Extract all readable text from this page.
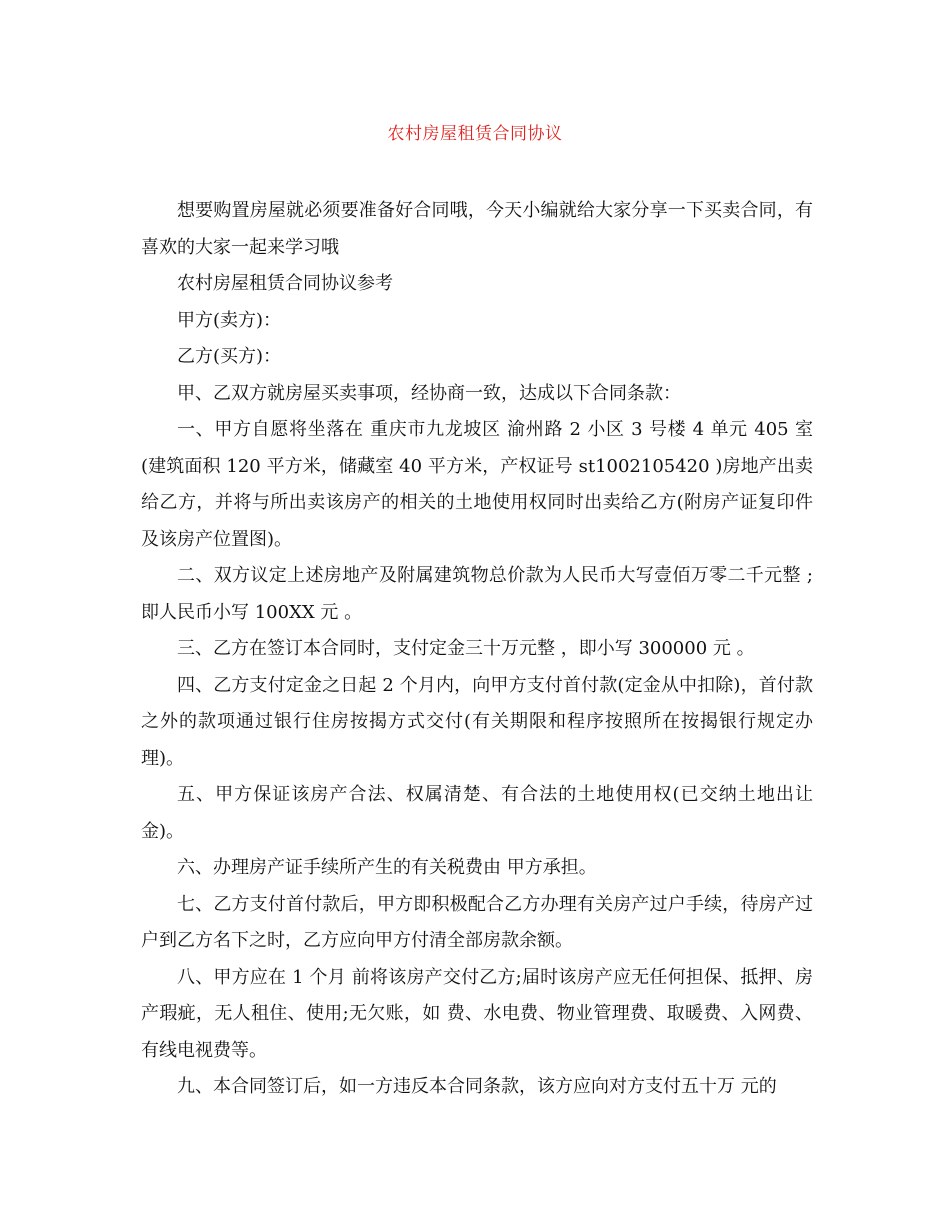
农村房屋租赁合同协议

想要购置房屋就必须要准备好合同哦，今天小编就给大家分享一下买卖合同，有喜欢的大家一起来学习哦

农村房屋租赁合同协议参考

甲方(卖方)：

乙方(买方)：

甲、乙双方就房屋买卖事项，经协商一致，达成以下合同条款：

一、甲方自愿将坐落在 重庆市九龙坡区 渝州路 2 小区 3 号楼 4 单元 405 室(建筑面积 120 平方米，储藏室 40 平方米，产权证号 st1002105420 )房地产出卖给乙方，并将与所出卖该房产的相关的土地使用权同时出卖给乙方(附房产证复印件及该房产位置图)。

二、双方议定上述房地产及附属建筑物总价款为人民币大写壹佰万零二千元整 ;即人民币小写 100XX 元 。

三、乙方在签订本合同时，支付定金三十万元整 ，即小写 300000 元 。

四、乙方支付定金之日起 2 个月内，向甲方支付首付款(定金从中扣除)，首付款之外的款项通过银行住房按揭方式交付(有关期限和程序按照所在按揭银行规定办理)。

五、甲方保证该房产合法、权属清楚、有合法的土地使用权(已交纳土地出让金)。

六、办理房产证手续所产生的有关税费由 甲方承担。

七、乙方支付首付款后，甲方即积极配合乙方办理有关房产过户手续，待房产过户到乙方名下之时，乙方应向甲方付清全部房款余额。

八、甲方应在 1 个月 前将该房产交付乙方;届时该房产应无任何担保、抵押、房产瑕疵，无人租住、使用;无欠账，如 费、水电费、物业管理费、取暖费、入网费、有线电视费等。

九、本合同签订后，如一方违反本合同条款，该方应向对方支付五十万 元的
